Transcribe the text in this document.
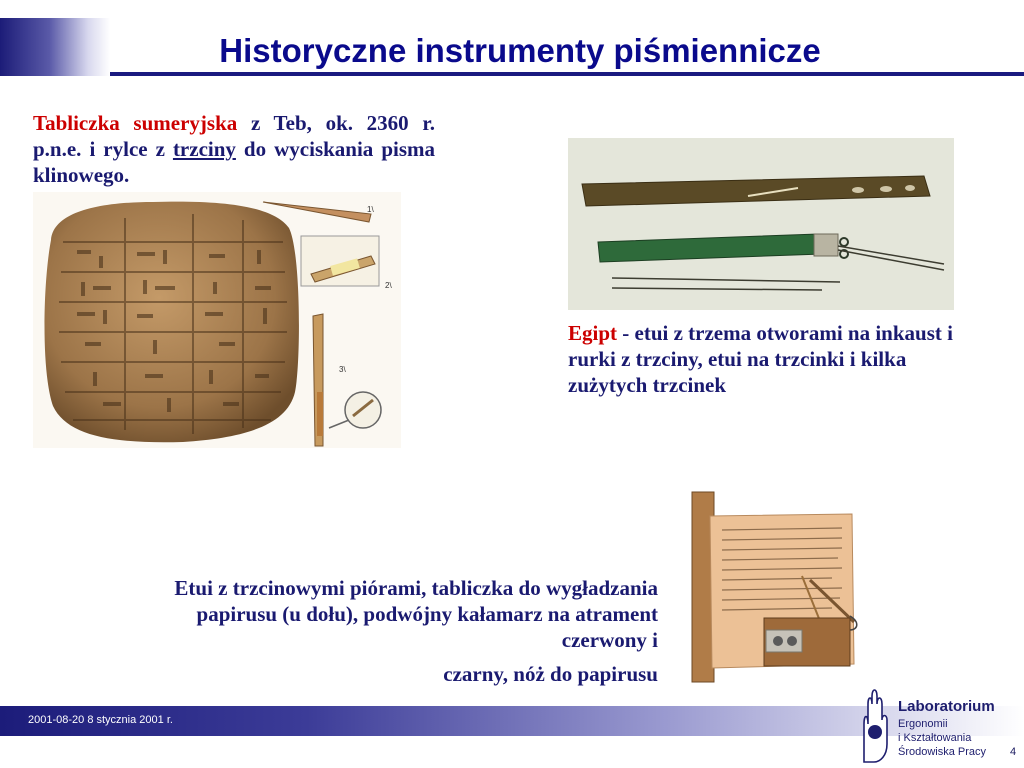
Historyczne instrumenty piśmiennicze
Tabliczka sumeryjska z Teb, ok. 2360 r. p.n.e. i rylce z trzciny do wyciskania pisma klinowego.
1\
2\
3\
Egipt - etui z trzema otworami na inkaust i rurki z trzciny, etui na trzcinki i kilka zużytych trzcinek
Etui z trzcinowymi piórami, tabliczka do wygładzania papirusu (u dołu), podwójny kałamarz na atrament czerwony i
czarny, nóż do papirusu
2001-08-20 8 stycznia 2001 r.
Laboratorium
Ergonomii
i Kształtowania
Środowiska Pracy 4
